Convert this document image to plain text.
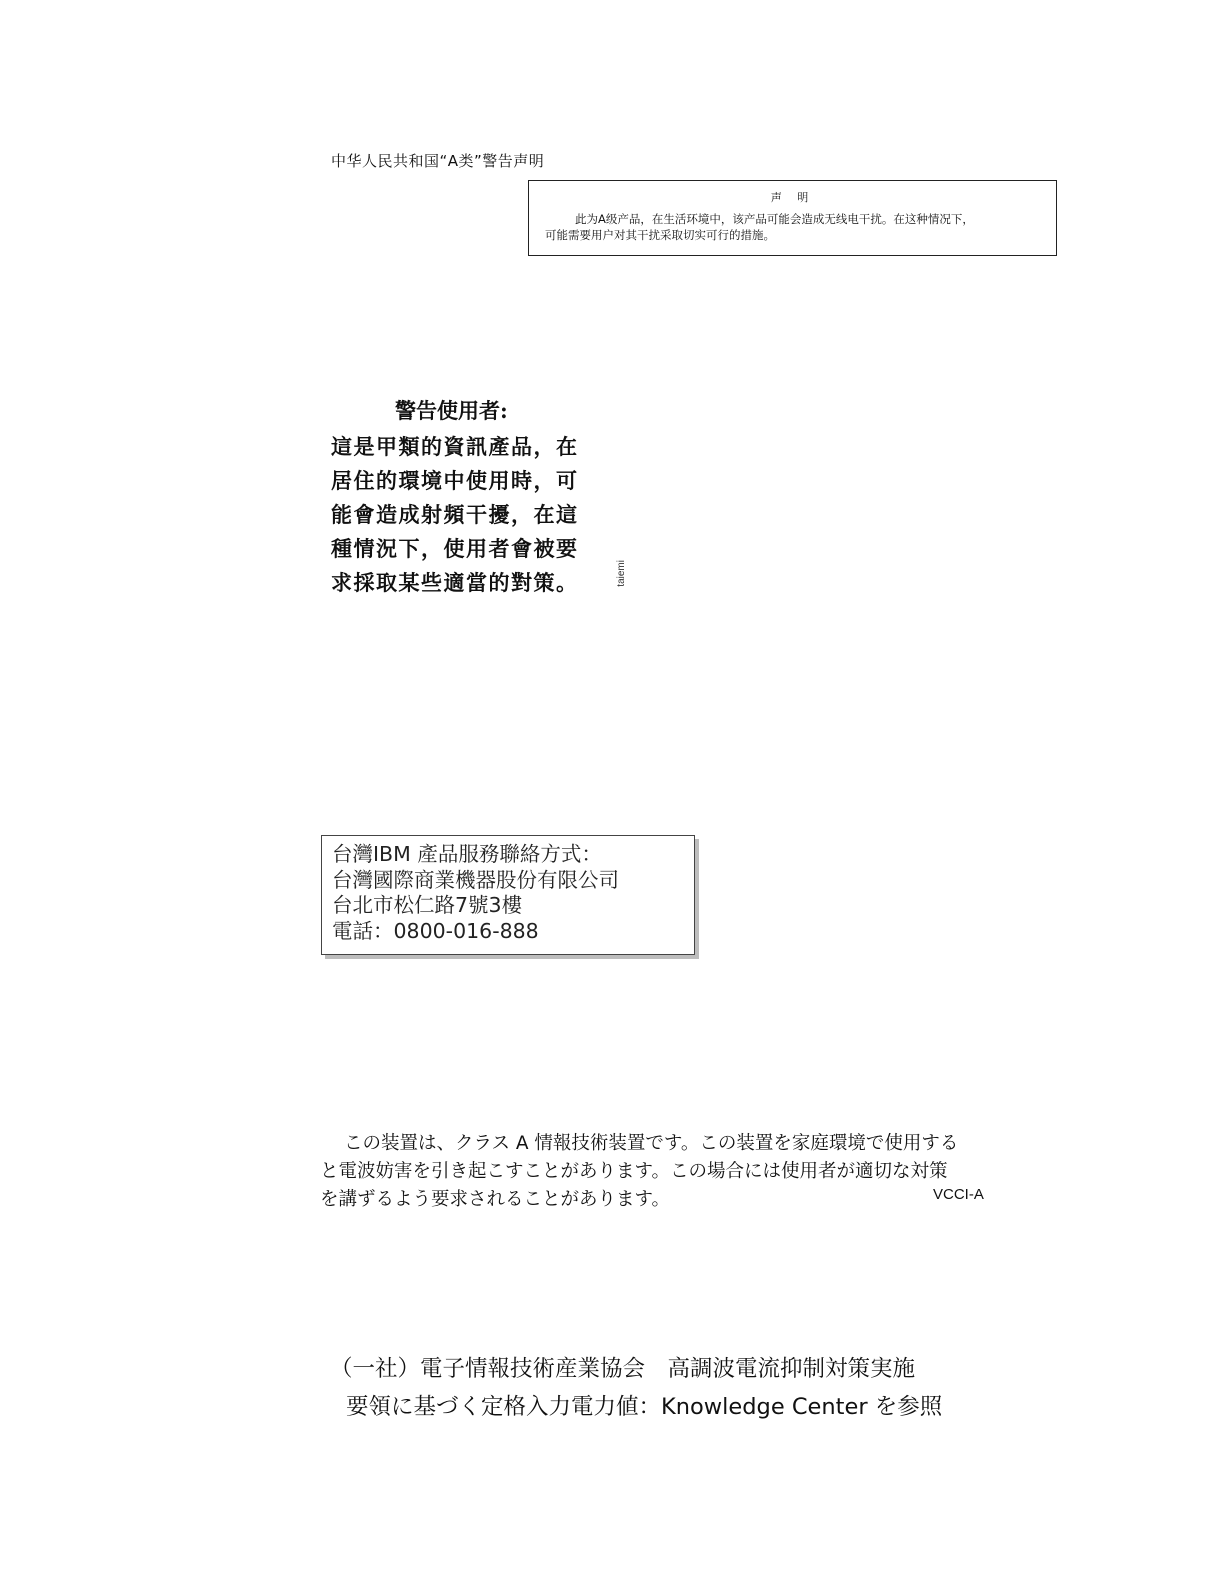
中华人民共和国“A类”警告声明
声 明
此为A级产品，在生活环境中，该产品可能会造成无线电干扰。在这种情况下，
可能需要用户对其干扰采取切实可行的措施。
警告使用者:
這是甲類的資訊產品，在
居住的環境中使用時，可
能會造成射頻干擾，在這
種情況下，使用者會被要
求採取某些適當的對策。	taiemi
台灣IBM 產品服務聯絡方式：
台灣國際商業機器股份有限公司
台北市松仁路7號3樓
電話：0800-016-888
この装置は、クラス A 情報技術装置です。この装置を家庭環境で使用する
と電波妨害を引き起こすことがあります。この場合には使用者が適切な対策
を講ずるよう要求されることがあります。	VCCI-A
（一社）電子情報技術産業協会　高調波電流抑制対策実施
要領に基づく定格入力電力値：Knowledge Center を参照
